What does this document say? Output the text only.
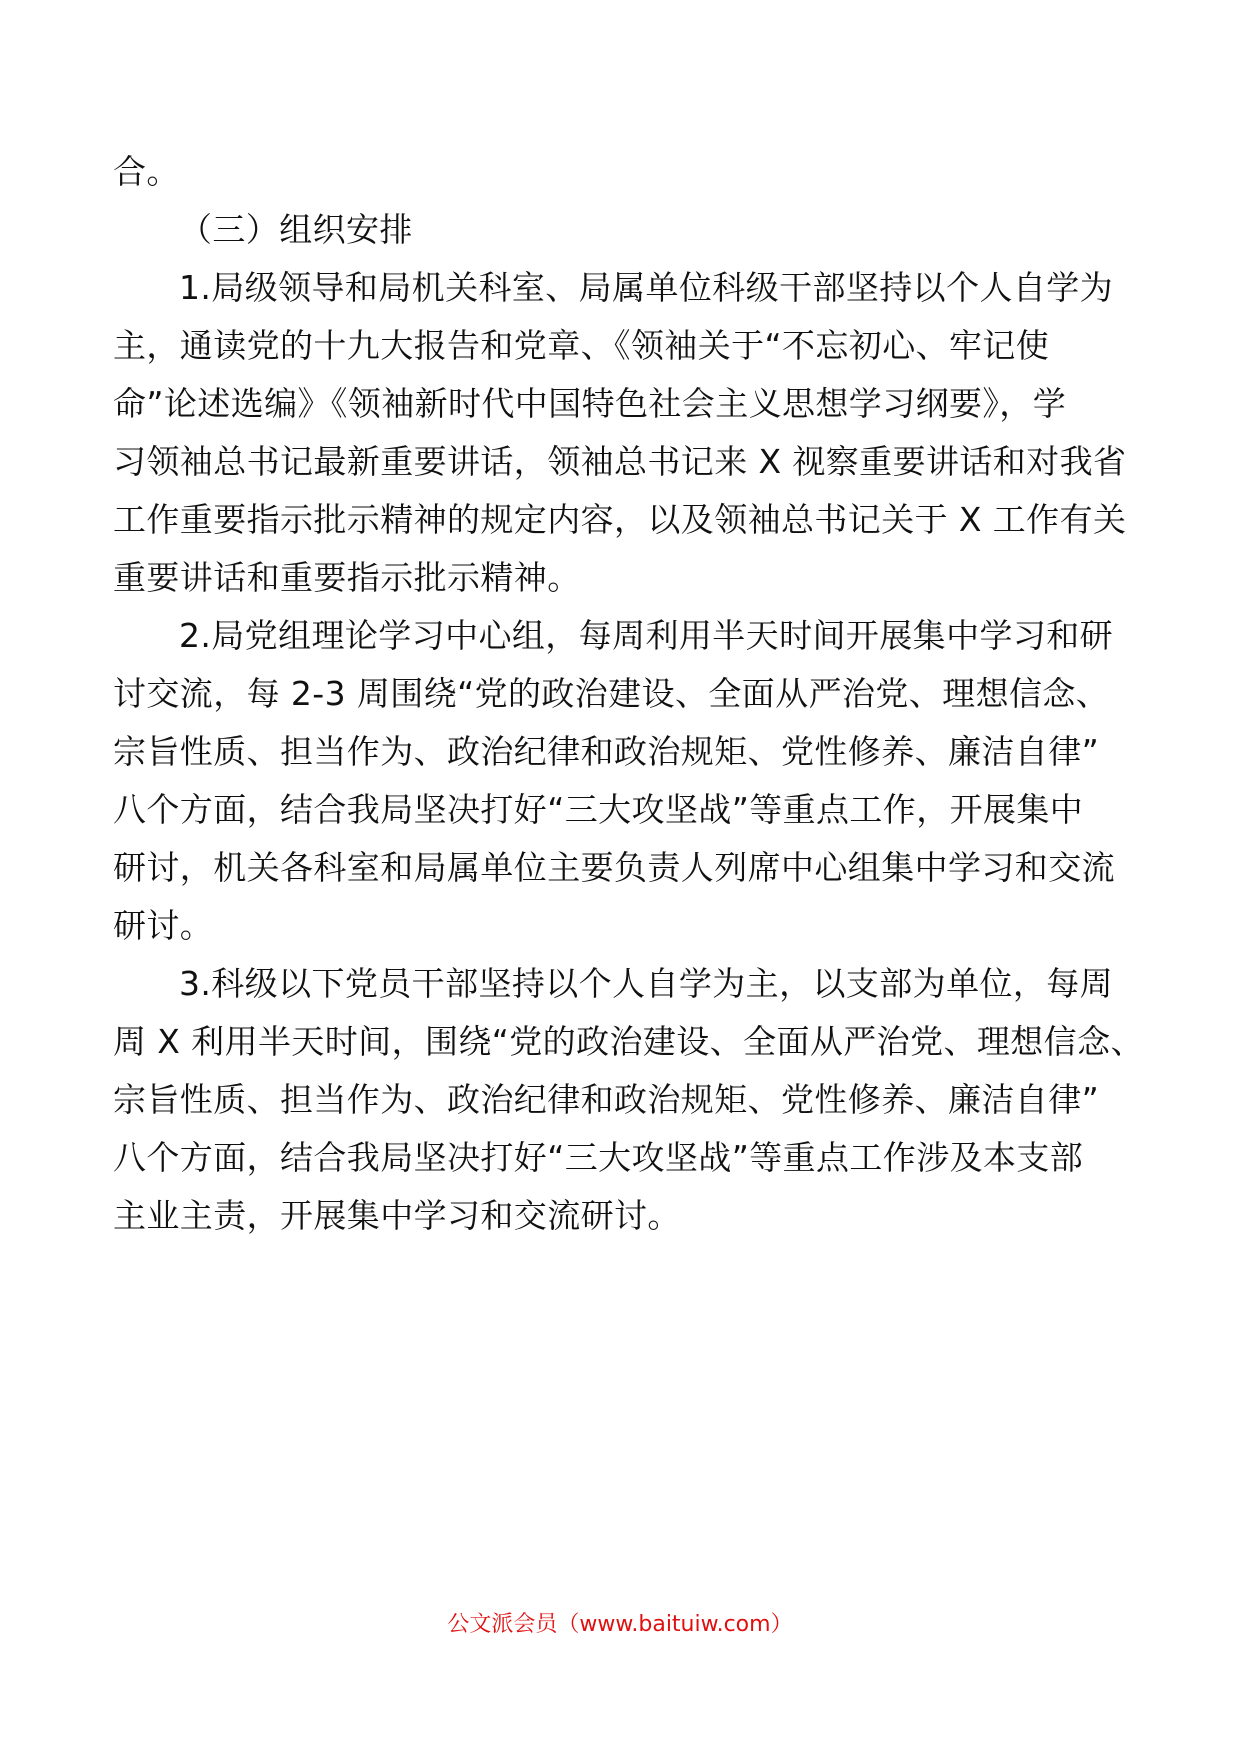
合。
（三）组织安排
1.局级领导和局机关科室、局属单位科级干部坚持以个人自学为
主，通读党的十九大报告和党章、《领袖关于“不忘初心、牢记使
命”论述选编》《领袖新时代中国特色社会主义思想学习纲要》，学
习领袖总书记最新重要讲话，领袖总书记来 X 视察重要讲话和对我省
工作重要指示批示精神的规定内容，以及领袖总书记关于 X 工作有关
重要讲话和重要指示批示精神。
2.局党组理论学习中心组，每周利用半天时间开展集中学习和研
讨交流，每 2-3 周围绕“党的政治建设、全面从严治党、理想信念、
宗旨性质、担当作为、政治纪律和政治规矩、党性修养、廉洁自律”
八个方面，结合我局坚决打好“三大攻坚战”等重点工作，开展集中
研讨，机关各科室和局属单位主要负责人列席中心组集中学习和交流
研讨。
3.科级以下党员干部坚持以个人自学为主，以支部为单位，每周
周 X 利用半天时间，围绕“党的政治建设、全面从严治党、理想信念、
宗旨性质、担当作为、政治纪律和政治规矩、党性修养、廉洁自律”
八个方面，结合我局坚决打好“三大攻坚战”等重点工作涉及本支部
主业主责，开展集中学习和交流研讨。
公文派会员（www.baituiw.com）
